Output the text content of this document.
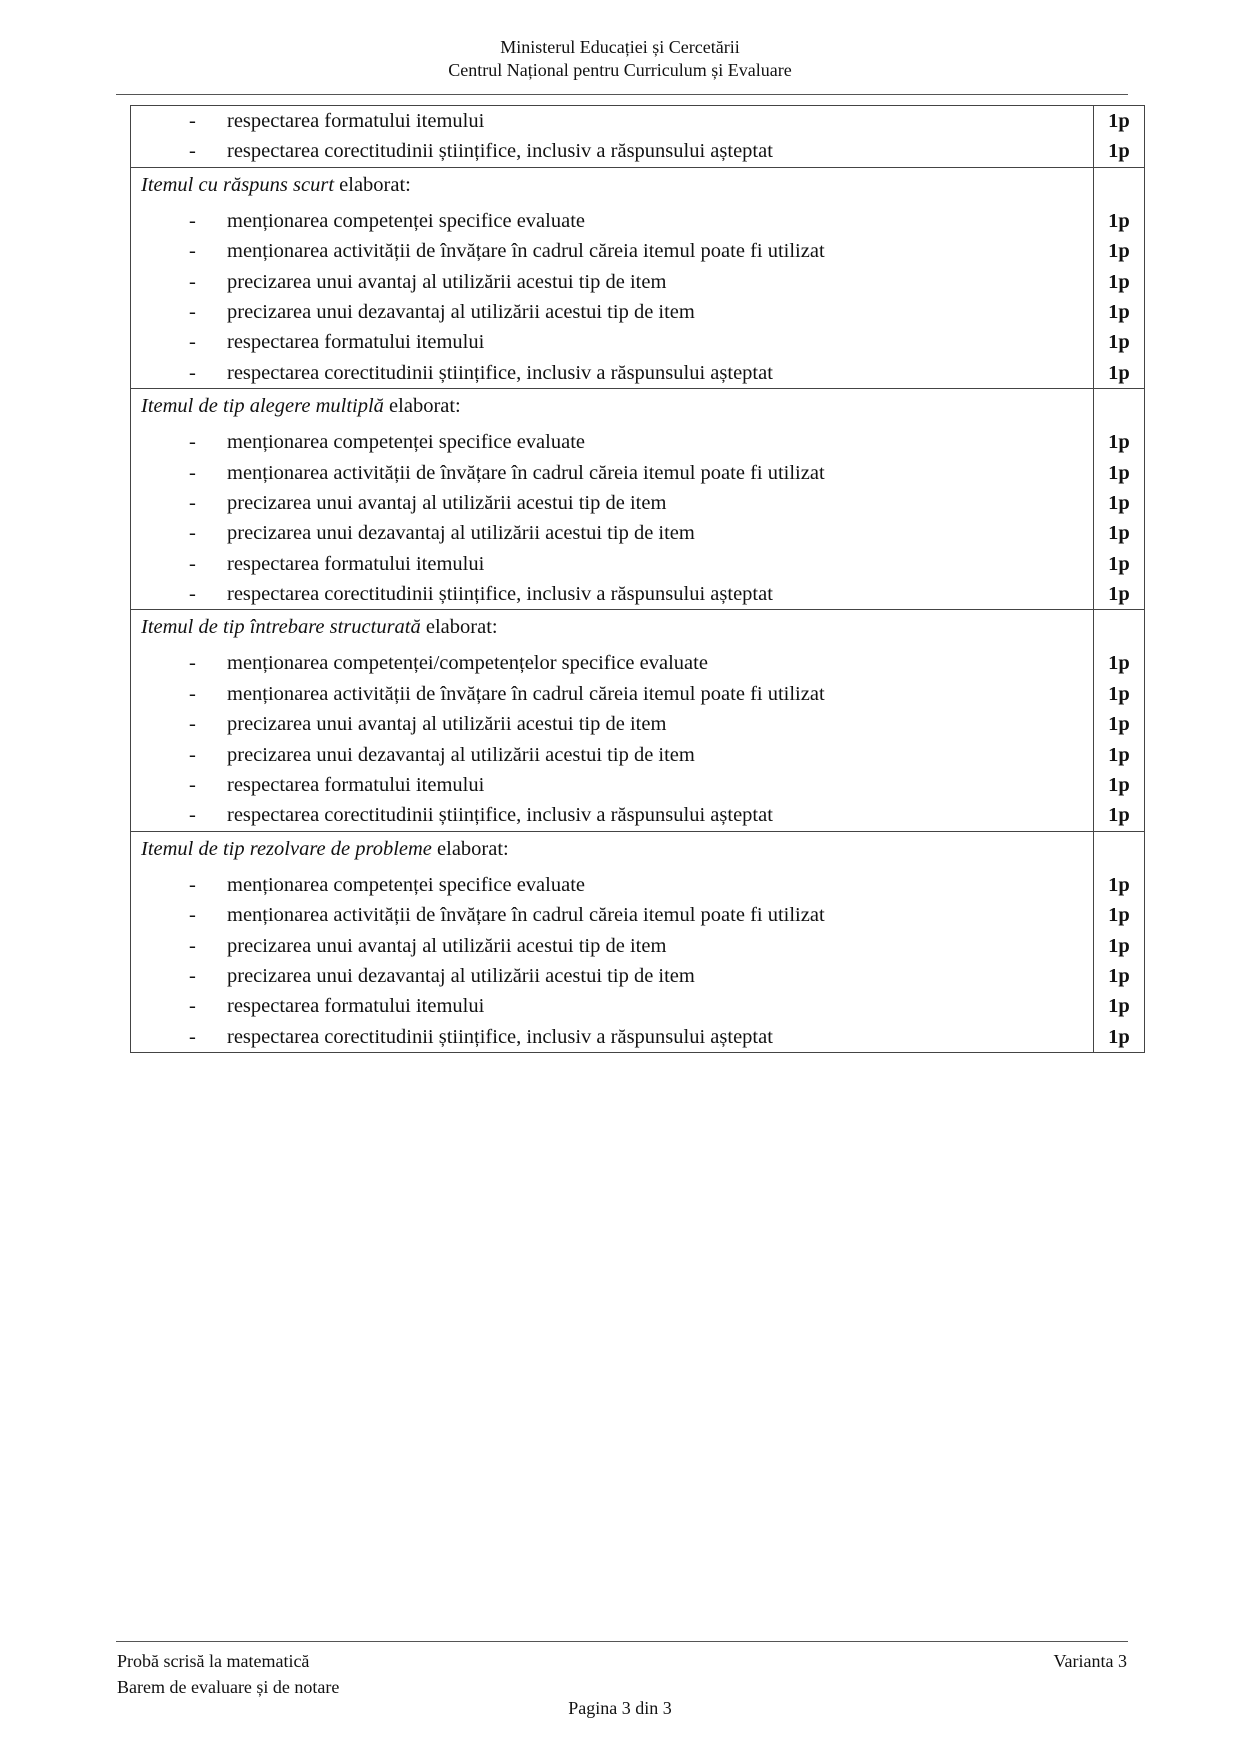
Ministerul Educației și Cercetării
Centrul Național pentru Curriculum și Evaluare
- respectarea formatului itemului
- respectarea corectitudinii științifice, inclusiv a răspunsului așteptat
1p
1p
Itemul cu răspuns scurt elaborat:
- menționarea competenței specifice evaluate
- menționarea activității de învățare în cadrul căreia itemul poate fi utilizat
- precizarea unui avantaj al utilizării acestui tip de item
- precizarea unui dezavantaj al utilizării acestui tip de item
- respectarea formatului itemului
- respectarea corectitudinii științifice, inclusiv a răspunsului așteptat
1p
1p
1p
1p
1p
1p
Itemul de tip alegere multiplă elaborat:
- menționarea competenței specifice evaluate
- menționarea activității de învățare în cadrul căreia itemul poate fi utilizat
- precizarea unui avantaj al utilizării acestui tip de item
- precizarea unui dezavantaj al utilizării acestui tip de item
- respectarea formatului itemului
- respectarea corectitudinii științifice, inclusiv a răspunsului așteptat
1p
1p
1p
1p
1p
1p
Itemul de tip întrebare structurată elaborat:
- menționarea competenței/competențelor specifice evaluate
- menționarea activității de învățare în cadrul căreia itemul poate fi utilizat
- precizarea unui avantaj al utilizării acestui tip de item
- precizarea unui dezavantaj al utilizării acestui tip de item
- respectarea formatului itemului
- respectarea corectitudinii științifice, inclusiv a răspunsului așteptat
1p
1p
1p
1p
1p
1p
Itemul de tip rezolvare de probleme elaborat:
- menționarea competenței specifice evaluate
- menționarea activității de învățare în cadrul căreia itemul poate fi utilizat
- precizarea unui avantaj al utilizării acestui tip de item
- precizarea unui dezavantaj al utilizării acestui tip de item
- respectarea formatului itemului
- respectarea corectitudinii științifice, inclusiv a răspunsului așteptat
1p
1p
1p
1p
1p
1p
Probă scrisă la matematică
Barem de evaluare și de notare
Varianta 3
Pagina 3 din 3
